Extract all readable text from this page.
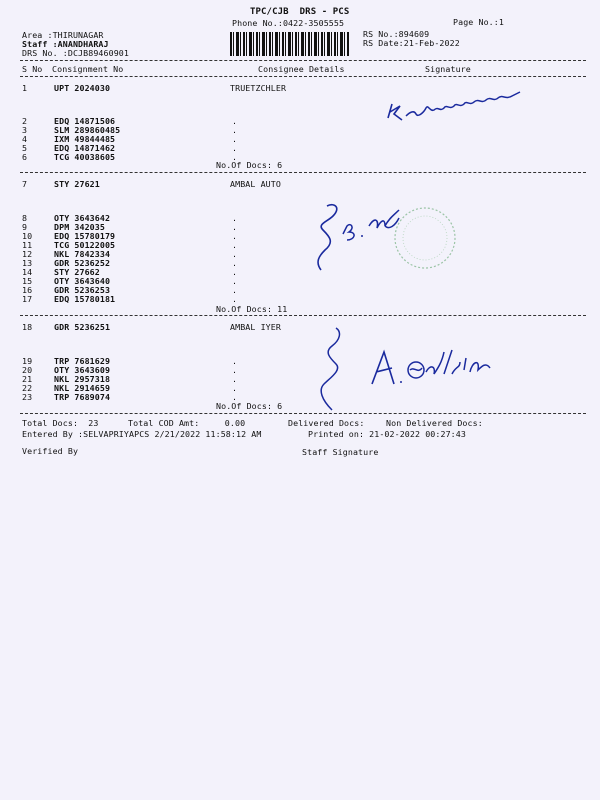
TPC/CJB  DRS - PCS
Phone No.:0422-3505555	Page No.:1
Area :THIRUNAGAR
Staff :ANANDHARAJ
DRS No. :DCJB89460901
RS No.:894609
RS Date:21-Feb-2022
S No Consignment No	Consignee Details	Signature
1	UPT 2024030	TRUETZCHLER
2	EDQ 14871506	.
3	SLM 289860485	.
4	IXM 49844485	.
5	EDQ 14871462	.
6	TCG 40038605	.
No.Of Docs: 6
7	STY 27621	AMBAL AUTO
8	OTY 3643642	.
9	DPM 342035	.
10	EDQ 15780179	.
11	TCG 50122005	.
12	NKL 7842334	.
13	GDR 5236252	.
14	STY 27662	.
15	OTY 3643640	.
16	GDR 5236253	.
17	EDQ 15780181	.
No.Of Docs: 11
18	GDR 5236251	AMBAL IYER
19	TRP 7681629	.
20	OTY 3643609	.
21	NKL 2957318	.
22	NKL 2914659	.
23	TRP 7689074	.
No.Of Docs: 6
Total Docs:  23	Total COD Amt:     0.00	Delivered Docs:	Non Delivered Docs:
Entered By :SELVAPRIYAPCS 2/21/2022 11:58:12 AM	Printed on: 21-02-2022 00:27:43
Verified By	Staff Signature
